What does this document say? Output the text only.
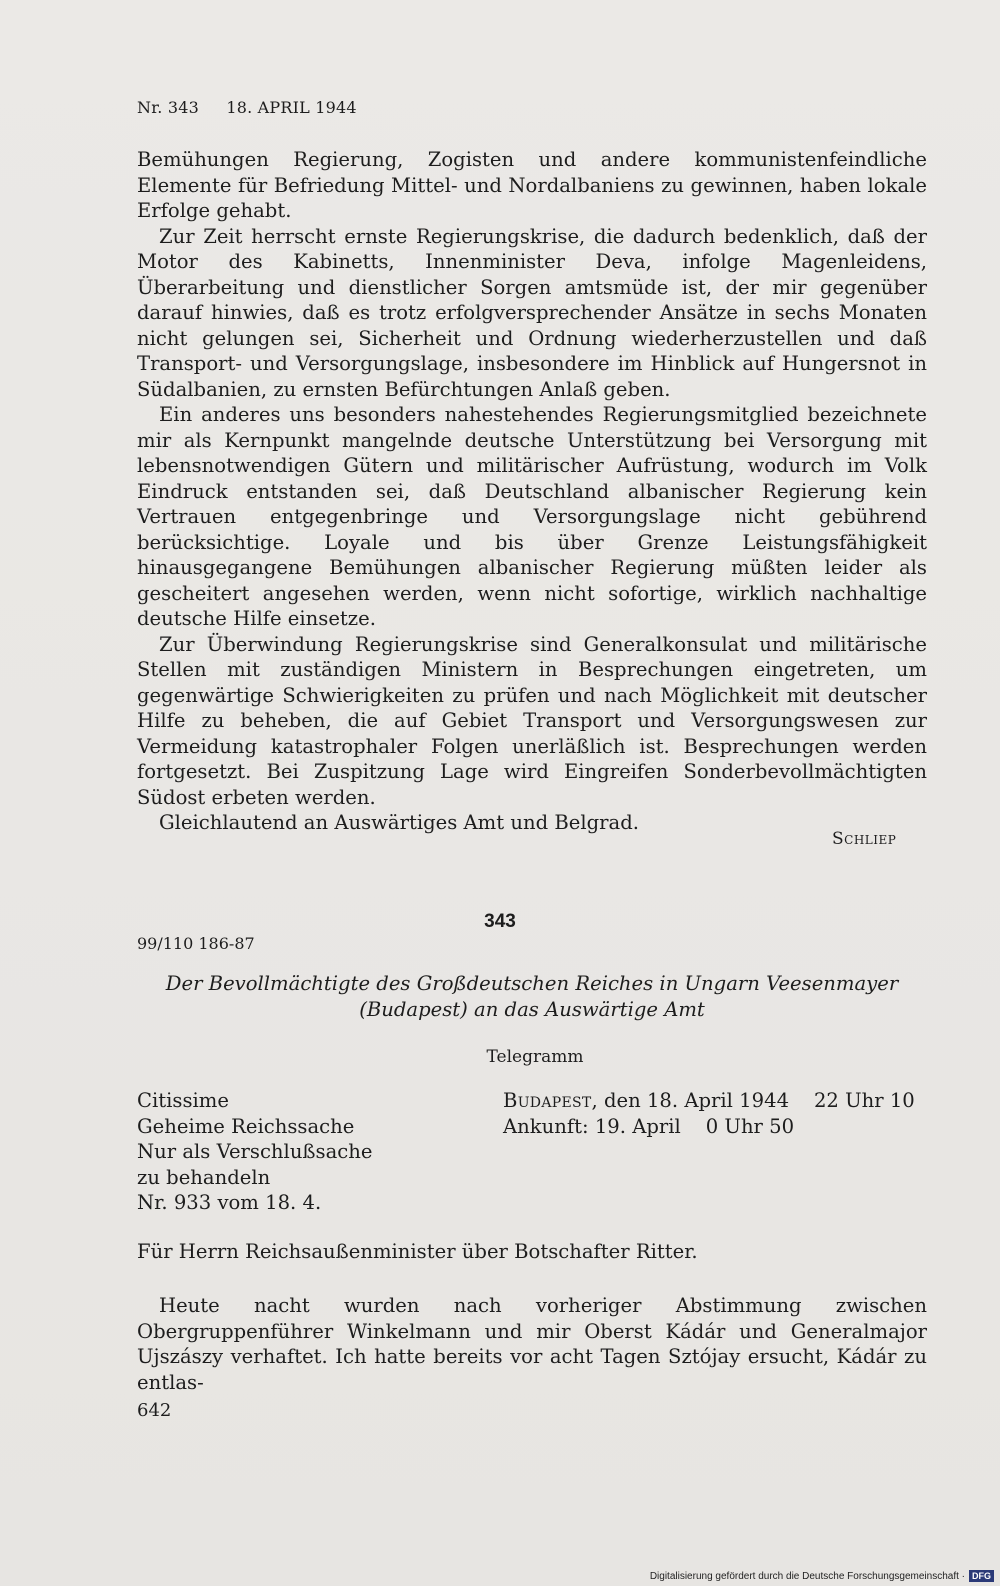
Nr. 343 18. APRIL 1944

Bemühungen Regierung, Zogisten und andere kommunistenfeindliche Elemente für Befriedung Mittel- und Nordalbaniens zu gewinnen, haben lokale Erfolge gehabt.

Zur Zeit herrscht ernste Regierungskrise, die dadurch bedenklich, daß der Motor des Kabinetts, Innenminister Deva, infolge Magenleidens, Überarbeitung und dienstlicher Sorgen amtsmüde ist, der mir gegenüber darauf hinwies, daß es trotz erfolgversprechender Ansätze in sechs Monaten nicht gelungen sei, Sicherheit und Ordnung wiederherzustellen und daß Transport- und Versorgungslage, insbesondere im Hinblick auf Hungersnot in Südalbanien, zu ernsten Befürchtungen Anlaß geben.

Ein anderes uns besonders nahestehendes Regierungsmitglied bezeichnete mir als Kernpunkt mangelnde deutsche Unterstützung bei Versorgung mit lebensnotwendigen Gütern und militärischer Aufrüstung, wodurch im Volk Eindruck entstanden sei, daß Deutschland albanischer Regierung kein Vertrauen entgegenbringe und Versorgungslage nicht gebührend berücksichtige. Loyale und bis über Grenze Leistungsfähigkeit hinausgegangene Bemühungen albanischer Regierung müßten leider als gescheitert angesehen werden, wenn nicht sofortige, wirklich nachhaltige deutsche Hilfe einsetze.

Zur Überwindung Regierungskrise sind Generalkonsulat und militärische Stellen mit zuständigen Ministern in Besprechungen eingetreten, um gegenwärtige Schwierigkeiten zu prüfen und nach Möglichkeit mit deutscher Hilfe zu beheben, die auf Gebiet Transport und Versorgungswesen zur Vermeidung katastrophaler Folgen unerläßlich ist. Besprechungen werden fortgesetzt. Bei Zuspitzung Lage wird Eingreifen Sonderbevollmächtigten Südost erbeten werden.

Gleichlautend an Auswärtiges Amt und Belgrad.

Schliep
343
99/110 186-87
Der Bevollmächtigte des Großdeutschen Reiches in Ungarn Veesenmayer (Budapest) an das Auswärtige Amt
Telegramm
Citissime
Geheime Reichssache
Nur als Verschlußsache
zu behandeln
Nr. 933 vom 18. 4.
Budapest, den 18. April 1944    22 Uhr 10
Ankunft: 19. April    0 Uhr 50
Für Herrn Reichsaußenminister über Botschafter Ritter.

Heute nacht wurden nach vorheriger Abstimmung zwischen Obergruppenführer Winkelmann und mir Oberst Kádár und Generalmajor Ujszászy verhaftet. Ich hatte bereits vor acht Tagen Sztójay ersucht, Kádár zu entlas-

642
Digitalisierung gefördert durch die Deutsche Forschungsgemeinschaft · DFG
